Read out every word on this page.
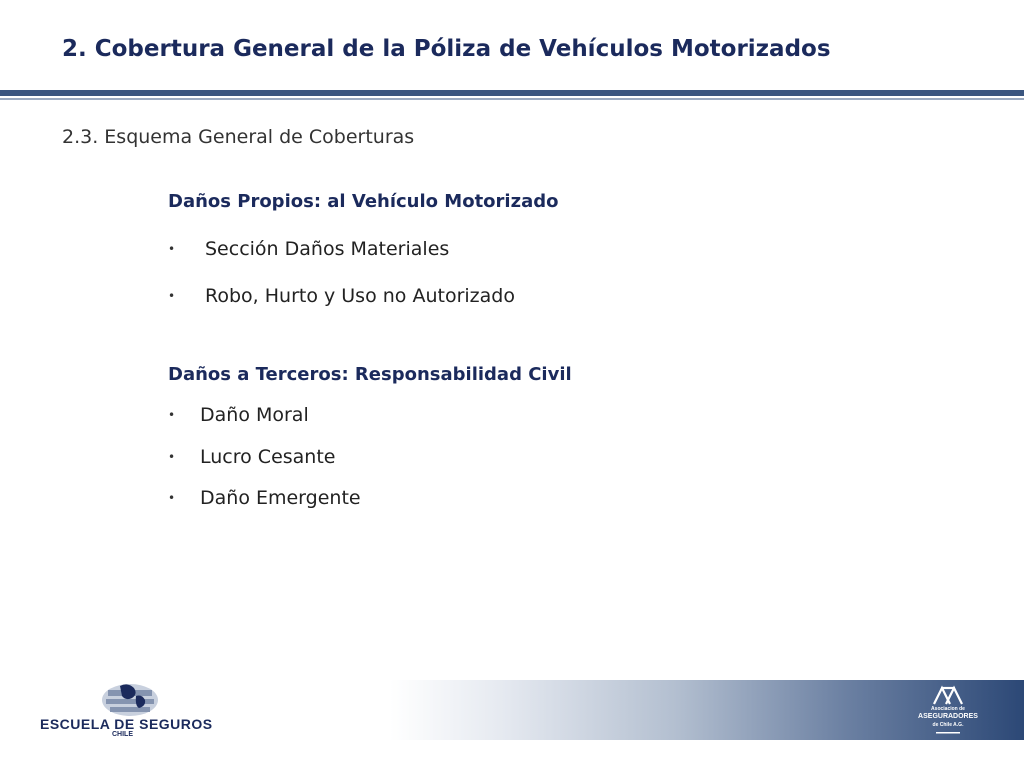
2. Cobertura General de la Póliza de Vehículos Motorizados
2.3. Esquema General de Coberturas
Daños Propios: al Vehículo Motorizado
• Sección Daños Materiales
• Robo, Hurto y Uso no Autorizado
Daños a Terceros: Responsabilidad Civil
• Daño Moral
• Lucro Cesante
• Daño Emergente
ESCUELA DE SEGUROS
CHILE
Asociacion de
ASEGURADORES
de Chile A.G.
